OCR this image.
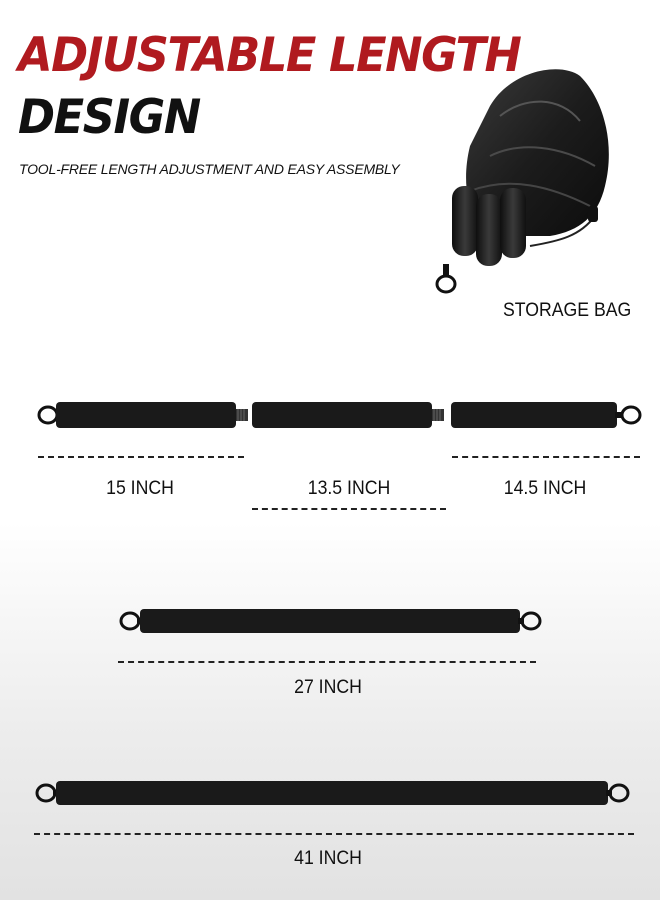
ADJUSTABLE LENGTH
DESIGN

TOOL-FREE LENGTH ADJUSTMENT AND EASY ASSEMBLY

STORAGE BAG
15 INCH	13.5 INCH	14.5 INCH
27 INCH
41 INCH
